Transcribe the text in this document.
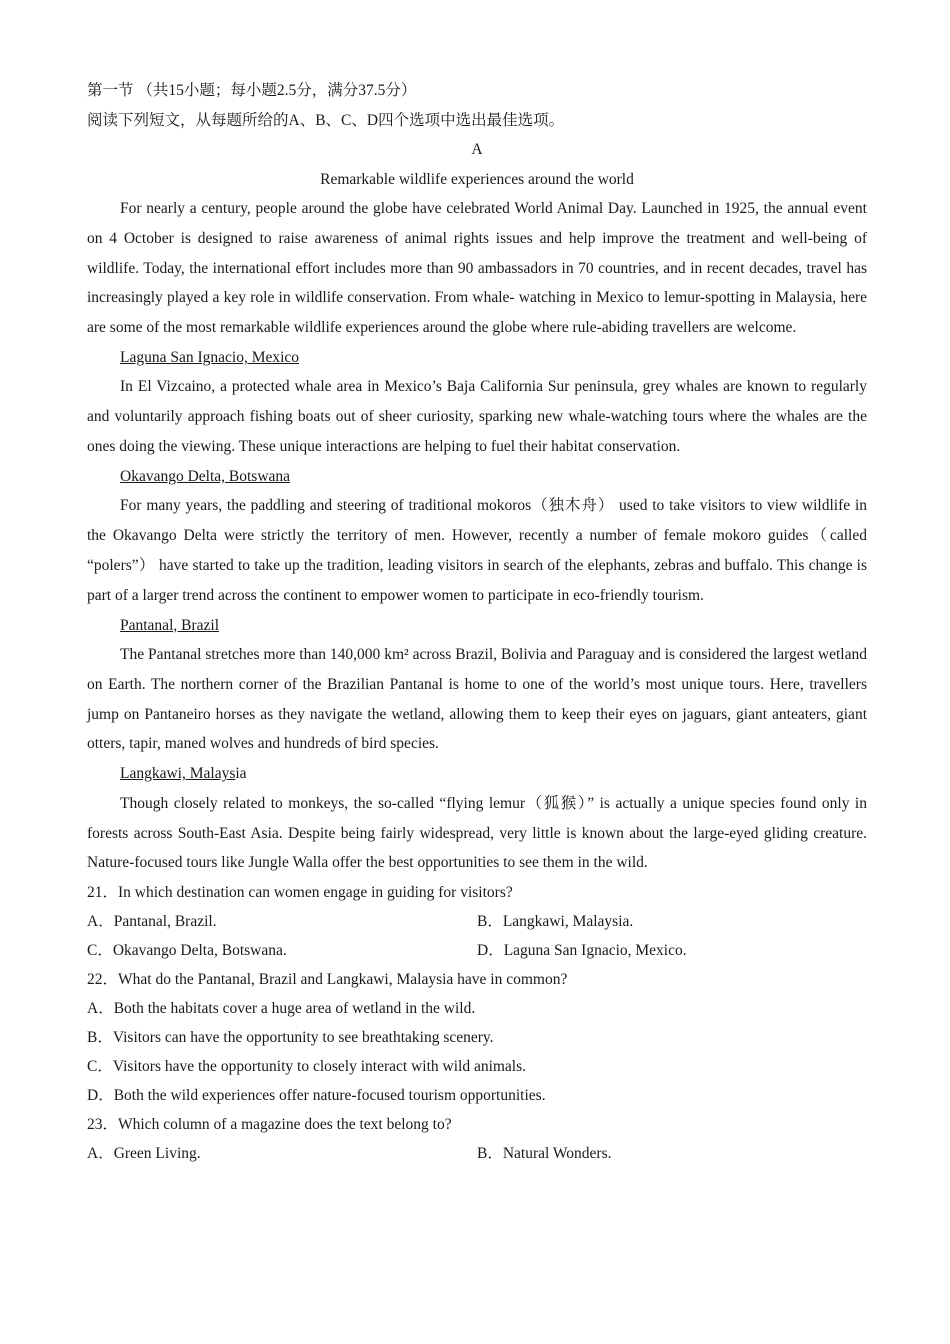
第一节 （共15小题；每小题2.5分，满分37.5分）
阅读下列短文，从每题所给的A、B、C、D四个选项中选出最佳选项。
A
Remarkable wildlife experiences around the world
For nearly a century, people around the globe have celebrated World Animal Day. Launched in 1925, the annual event on 4 October is designed to raise awareness of animal rights issues and help improve the treatment and well-being of wildlife. Today, the international effort includes more than 90 ambassadors in 70 countries, and in recent decades, travel has increasingly played a key role in wildlife conservation. From whale- watching in Mexico to lemur-spotting in Malaysia, here are some of the most remarkable wildlife experiences around the globe where rule-abiding travellers are welcome.
Laguna San Ignacio, Mexico
In El Vizcaino, a protected whale area in Mexico’s Baja California Sur peninsula, grey whales are known to regularly and voluntarily approach fishing boats out of sheer curiosity, sparking new whale-watching tours where the whales are the ones doing the viewing. These unique interactions are helping to fuel their habitat conservation.
Okavango Delta, Botswana
For many years, the paddling and steering of traditional mokoros（独木舟） used to take visitors to view wildlife in the Okavango Delta were strictly the territory of men. However, recently a number of female mokoro guides（called “polers”） have started to take up the tradition, leading visitors in search of the elephants, zebras and buffalo. This change is part of a larger trend across the continent to empower women to participate in eco-friendly tourism.
Pantanal, Brazil
The Pantanal stretches more than 140,000 km² across Brazil, Bolivia and Paraguay and is considered the largest wetland on Earth. The northern corner of the Brazilian Pantanal is home to one of the world’s most unique tours. Here, travellers jump on Pantaneiro horses as they navigate the wetland, allowing them to keep their eyes on jaguars, giant anteaters, giant otters, tapir, maned wolves and hundreds of bird species.
Langkawi, Malaysia
Though closely related to monkeys, the so-called “flying lemur（狐猴）” is actually a unique species found only in forests across South-East Asia. Despite being fairly widespread, very little is known about the large-eyed gliding creature. Nature-focused tours like Jungle Walla offer the best opportunities to see them in the wild.
21．In which destination can women engage in guiding for visitors?
A．Pantanal, Brazil.	B．Langkawi, Malaysia.
C．Okavango Delta, Botswana.	D．Laguna San Ignacio, Mexico.
22．What do the Pantanal, Brazil and Langkawi, Malaysia have in common?
A．Both the habitats cover a huge area of wetland in the wild.
B．Visitors can have the opportunity to see breathtaking scenery.
C．Visitors have the opportunity to closely interact with wild animals.
D．Both the wild experiences offer nature-focused tourism opportunities.
23．Which column of a magazine does the text belong to?
A．Green Living.	B．Natural Wonders.
